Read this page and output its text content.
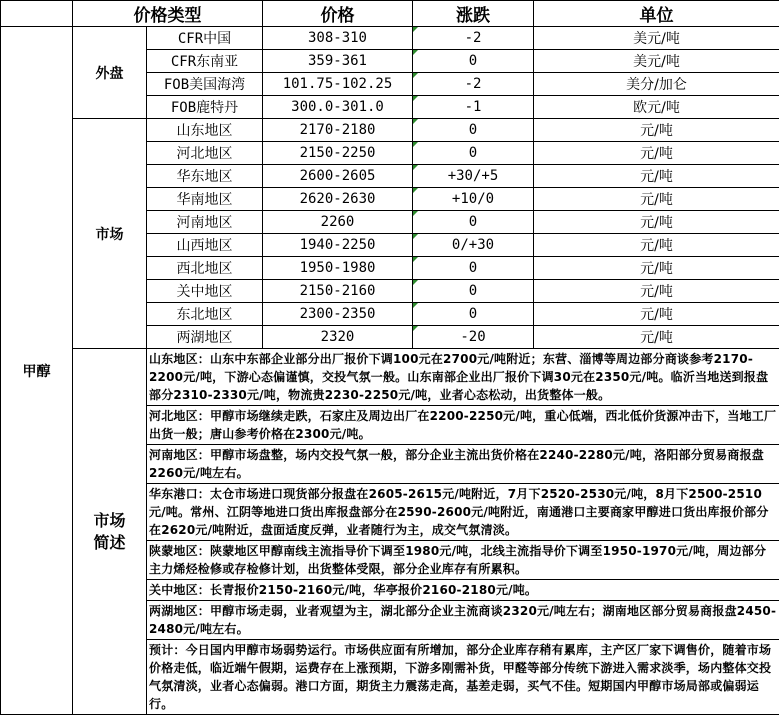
	价格类型		价格	涨跌	单位
甲醇	外盘	CFR中国	308-310	-2	美元/吨
		CFR东南亚	359-361	0	美元/吨
		FOB美国海湾	101.75-102.25	-2	美分/加仑
		FOB鹿特丹	300.0-301.0	-1	欧元/吨
	市场	山东地区	2170-2180	0	元/吨
		河北地区	2150-2250	0	元/吨
		华东地区	2600-2605	+30/+5	元/吨
		华南地区	2620-2630	+10/0	元/吨
		河南地区	2260	0	元/吨
		山西地区	1940-2250	0/+30	元/吨
		西北地区	1950-1980	0	元/吨
		关中地区	2150-2160	0	元/吨
		东北地区	2300-2350	0	元/吨
		两湖地区	2320	-20	元/吨
	市场
简述	山东地区：山东中东部企业部分出厂报价下调100元在2700元/吨附近；东营、淄博等周边部分商谈参考2170-2200元/吨，下游心态偏谨慎，交投气氛一般。山东南部企业出厂报价下调30元在2350元/吨。临沂当地送到报盘部分2310-2330元/吨，物流贵2230-2250元/吨，业者心态松动，出货整体一般。			
		河北地区：甲醇市场继续走跌，石家庄及周边出厂在2200-2250元/吨，重心低端，西北低价货源冲击下，当地工厂出货一般；唐山参考价格在2300元/吨。			
		河南地区：甲醇市场盘整，场内交投气氛一般，部分企业主流出货价格在2240-2280元/吨，洛阳部分贸易商报盘2260元/吨左右。			
		华东港口：太仓市场进口现货部分报盘在2605-2615元/吨附近，7月下2520-2530元/吨，8月下2500-2510元/吨。常州、江阴等地进口货出库报盘部分在2590-2600元/吨附近，南通港口主要商家甲醇进口货出库报价部分在2620元/吨附近，盘面适度反弹，业者随行为主，成交气氛清淡。			
		陕蒙地区：陕蒙地区甲醇南线主流指导价下调至1980元/吨，北线主流指导价下调至1950-1970元/吨，周边部分主力烯烃检修或存检修计划，出货整体受限，部分企业库存有所累积。			
		关中地区：长青报价2150-2160元/吨，华亭报价2160-2180元/吨。			
		两湖地区：甲醇市场走弱，业者观望为主，湖北部分企业主流商谈2320元/吨左右；湖南地区部分贸易商报盘2450-2480元/吨左右。			
		预计：今日国内甲醇市场弱势运行。市场供应面有所增加，部分企业库存稍有累库，主产区厂家下调售价，随着市场价格走低，临近端午假期，运费存在上涨预期，下游多刚需补货，甲醛等部分传统下游进入需求淡季，场内整体交投气氛清淡，业者心态偏弱。港口方面，期货主力震荡走高，基差走弱，买气不佳。短期国内甲醇市场局部或偏弱运行。			
